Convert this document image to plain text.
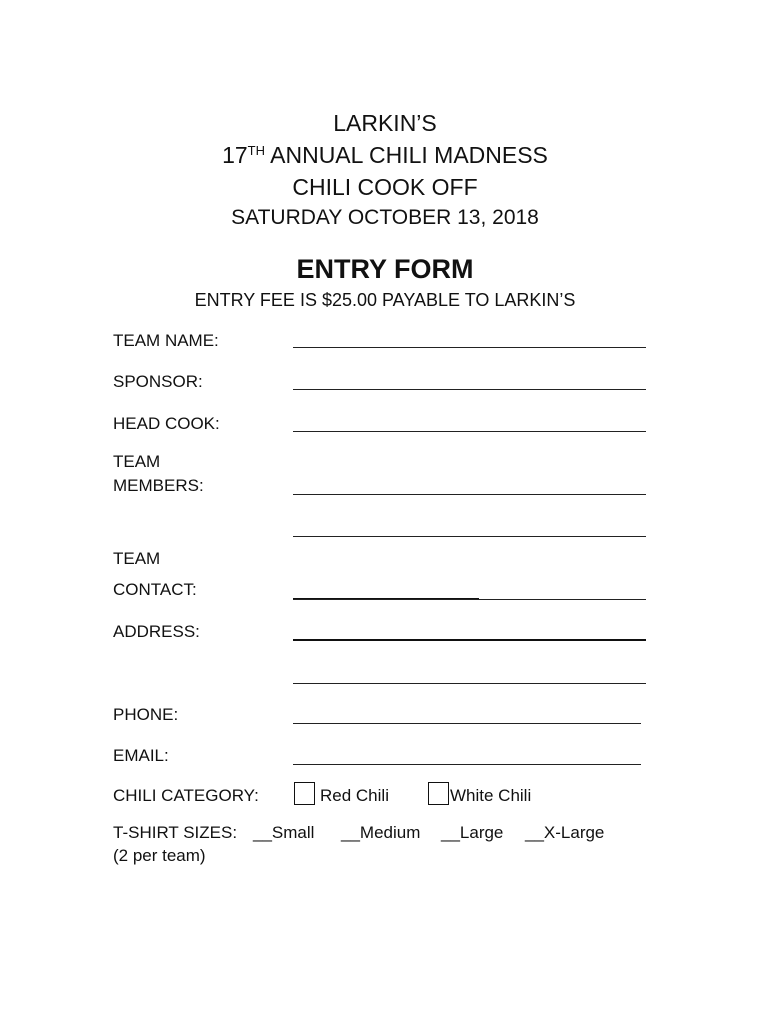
LARKIN’S
17TH ANNUAL CHILI MADNESS
CHILI COOK OFF
SATURDAY OCTOBER 13, 2018
ENTRY FORM
ENTRY FEE IS $25.00 PAYABLE TO LARKIN’S
TEAM NAME:
SPONSOR:
HEAD COOK:
TEAM
MEMBERS:
TEAM
CONTACT:
ADDRESS:
PHONE:
EMAIL:
CHILI CATEGORY:	Red Chili	White Chili
T-SHIRT SIZES: __Small __Medium __Large __X-Large
(2 per team)
